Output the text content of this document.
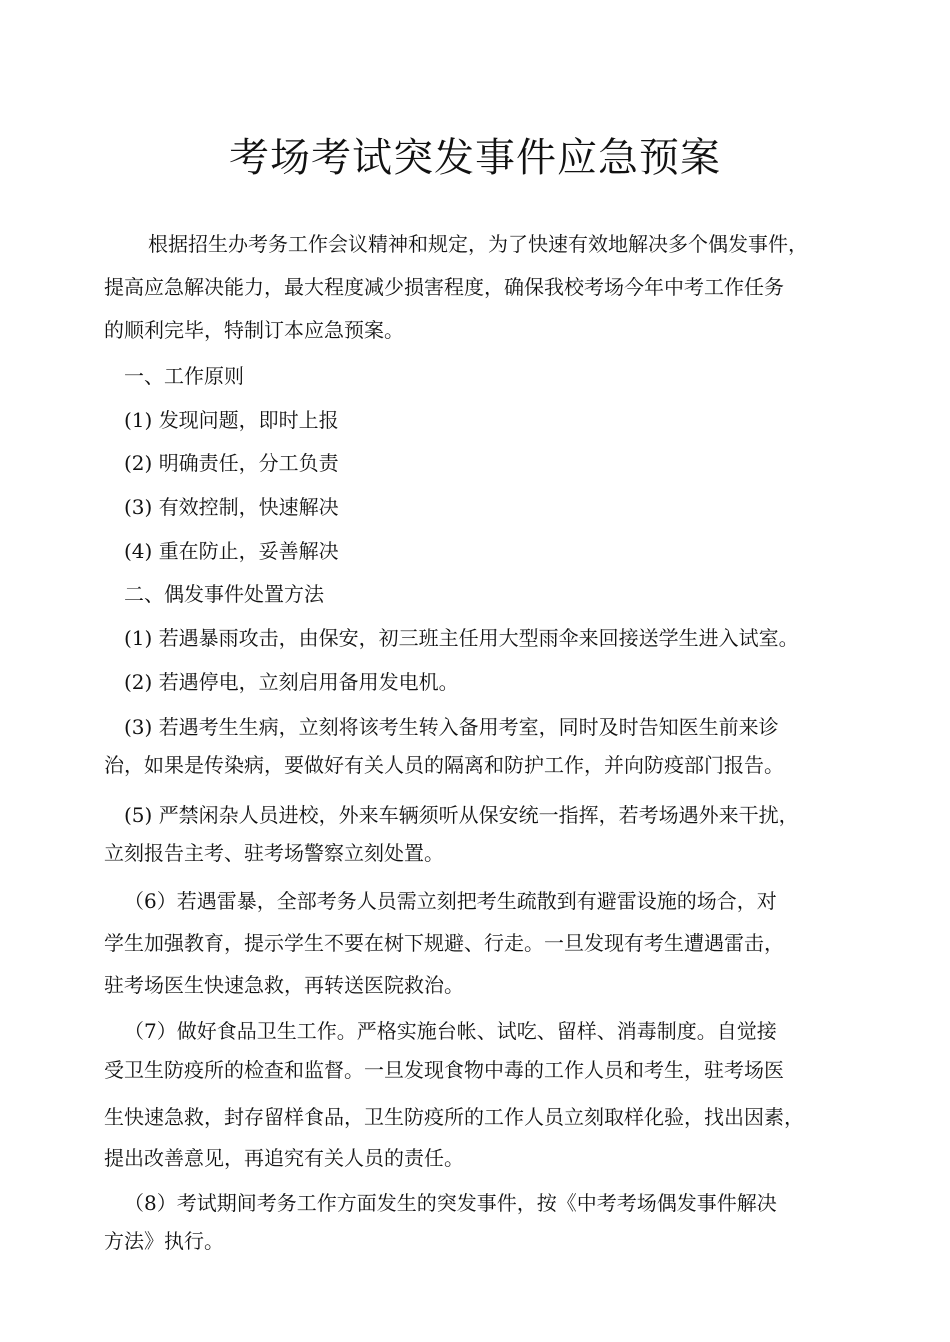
考场考试突发事件应急预案
根据招生办考务工作会议精神和规定，为了快速有效地解决多个偶发事件，
提高应急解决能力，最大程度减少损害程度，确保我校考场今年中考工作任务
的顺利完毕，特制订本应急预案。
一、工作原则
(1) 发现问题，即时上报
(2) 明确责任，分工负责
(3) 有效控制，快速解决
(4) 重在防止，妥善解决
二、偶发事件处置方法
(1) 若遇暴雨攻击，由保安，初三班主任用大型雨伞来回接送学生进入试室。
(2) 若遇停电，立刻启用备用发电机。
(3) 若遇考生生病，立刻将该考生转入备用考室，同时及时告知医生前来诊
治，如果是传染病，要做好有关人员的隔离和防护工作，并向防疫部门报告。
(5) 严禁闲杂人员进校，外来车辆须听从保安统一指挥，若考场遇外来干扰，
立刻报告主考、驻考场警察立刻处置。
（6）若遇雷暴，全部考务人员需立刻把考生疏散到有避雷设施的场合，对
学生加强教育，提示学生不要在树下规避、行走。一旦发现有考生遭遇雷击，
驻考场医生快速急救，再转送医院救治。
（7）做好食品卫生工作。严格实施台帐、试吃、留样、消毒制度。自觉接
受卫生防疫所的检查和监督。一旦发现食物中毒的工作人员和考生，驻考场医
生快速急救，封存留样食品，卫生防疫所的工作人员立刻取样化验，找出因素，
提出改善意见，再追究有关人员的责任。
（8）考试期间考务工作方面发生的突发事件，按《中考考场偶发事件解决
方法》执行。
